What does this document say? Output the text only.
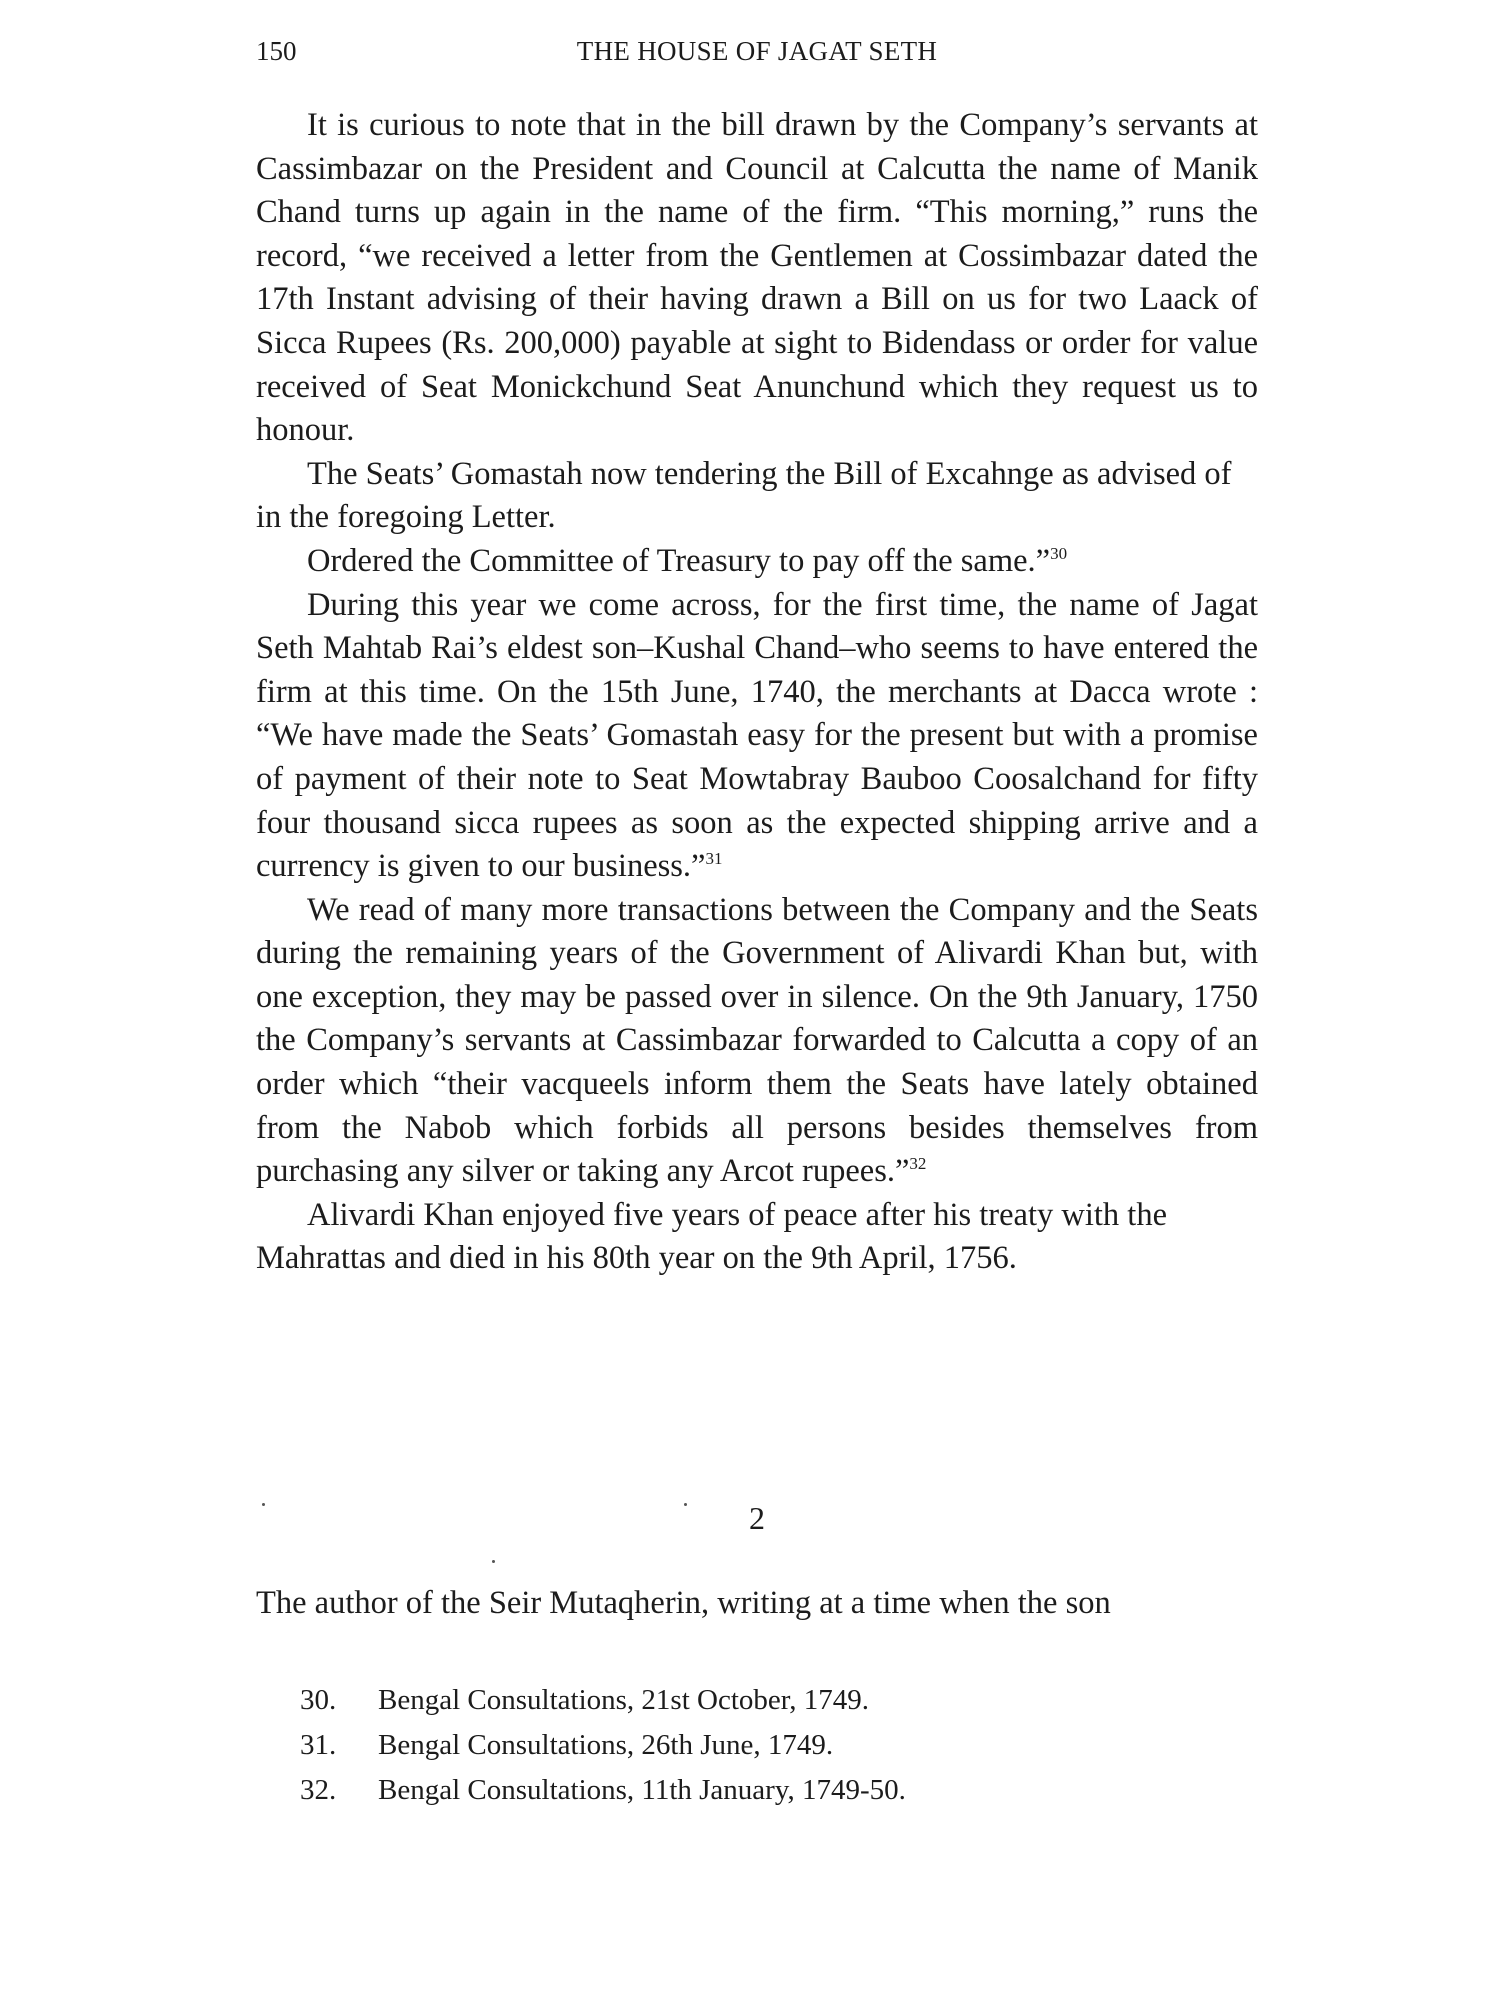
150	THE HOUSE OF JAGAT SETH

It is curious to note that in the bill drawn by the Company’s servants at Cassimbazar on the President and Council at Calcutta the name of Manik Chand turns up again in the name of the firm. “This morning,” runs the record, “we received a letter from the Gentlemen at Cossimbazar dated the 17th Instant advising of their having drawn a Bill on us for two Laack of Sicca Rupees (Rs. 200,000) payable at sight to Bidendass or order for value received of Seat Monickchund Seat Anunchund which they request us to honour.

The Seats’ Gomastah now tendering the Bill of Excahnge as advised of in the foregoing Letter.

Ordered the Committee of Treasury to pay off the same.”$^{30}$

During this year we come across, for the first time, the name of Jagat Seth Mahtab Rai’s eldest son–Kushal Chand–who seems to have entered the firm at this time. On the 15th June, 1740, the merchants at Dacca wrote : “We have made the Seats’ Gomastah easy for the present but with a promise of payment of their note to Seat Mowtabray Bauboo Coosalchand for fifty four thousand sicca rupees as soon as the expected shipping arrive and a currency is given to our business.”$^{31}$

We read of many more transactions between the Company and the Seats during the remaining years of the Government of Alivardi Khan but, with one exception, they may be passed over in silence. On the 9th January, 1750 the Company’s servants at Cassimbazar forwarded to Calcutta a copy of an order which “their vacqueels inform them the Seats have lately obtained from the Nabob which forbids all persons besides themselves from purchasing any silver or taking any Arcot rupees.”$^{32}$

Alivardi Khan enjoyed five years of peace after his treaty with the Mahrattas and died in his 80th year on the 9th April, 1756.

2

The author of the Seir Mutaqherin, writing at a time when the son

30.	Bengal Consultations, 21st October, 1749.
31.	Bengal Consultations, 26th June, 1749.
32.	Bengal Consultations, 11th January, 1749-50.
